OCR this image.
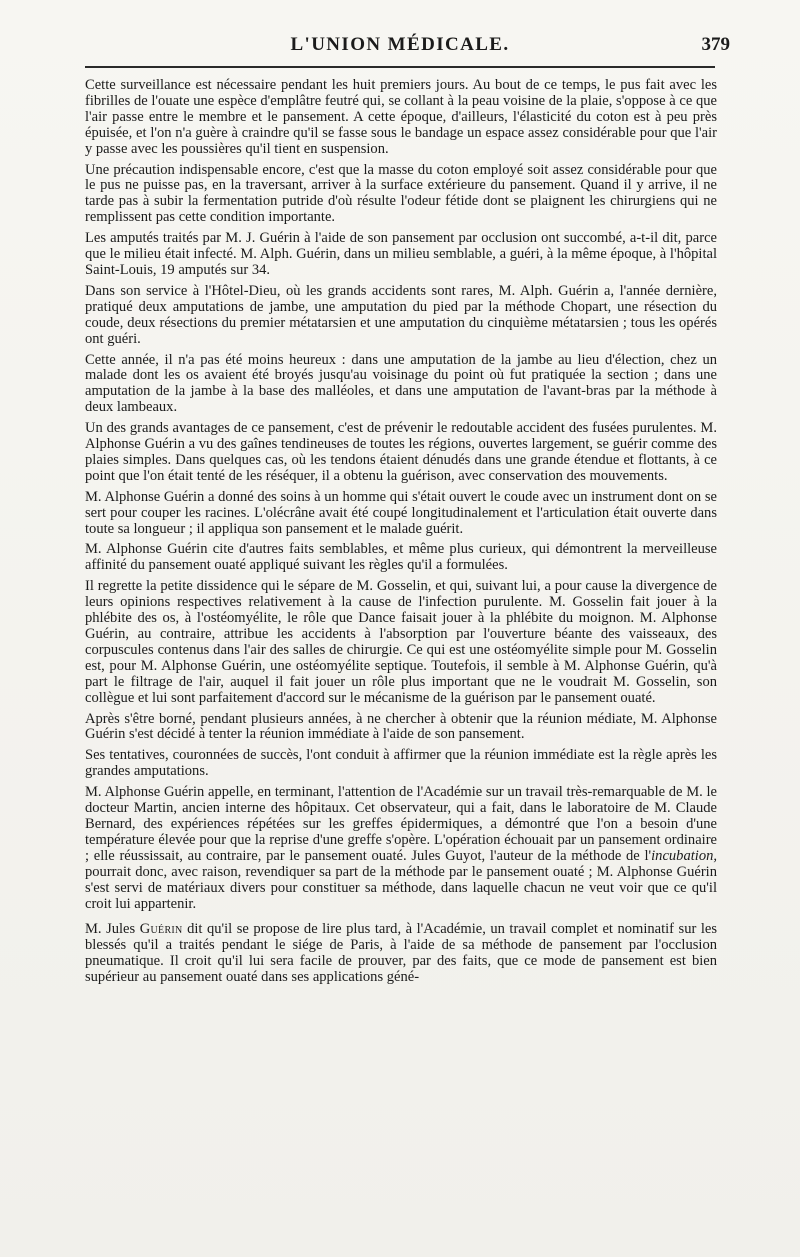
L'UNION MÉDICALE.	379

Cette surveillance est nécessaire pendant les huit premiers jours. Au bout de ce temps, le pus fait avec les fibrilles de l'ouate une espèce d'emplâtre feutré qui, se collant à la peau voisine de la plaie, s'oppose à ce que l'air passe entre le membre et le pansement. A cette époque, d'ailleurs, l'élasticité du coton est à peu près épuisée, et l'on n'a guère à craindre qu'il se fasse sous le bandage un espace assez considérable pour que l'air y passe avec les poussières qu'il tient en suspension.

Une précaution indispensable encore, c'est que la masse du coton employé soit assez considérable pour que le pus ne puisse pas, en la traversant, arriver à la surface extérieure du pansement. Quand il y arrive, il ne tarde pas à subir la fermentation putride d'où résulte l'odeur fétide dont se plaignent les chirurgiens qui ne remplissent pas cette condition importante.

Les amputés traités par M. J. Guérin à l'aide de son pansement par occlusion ont succombé, a-t-il dit, parce que le milieu était infecté. M. Alph. Guérin, dans un milieu semblable, a guéri, à la même époque, à l'hôpital Saint-Louis, 19 amputés sur 34.

Dans son service à l'Hôtel-Dieu, où les grands accidents sont rares, M. Alph. Guérin a, l'année dernière, pratiqué deux amputations de jambe, une amputation du pied par la méthode Chopart, une résection du coude, deux résections du premier métatarsien et une amputation du cinquième métatarsien ; tous les opérés ont guéri.

Cette année, il n'a pas été moins heureux : dans une amputation de la jambe au lieu d'élection, chez un malade dont les os avaient été broyés jusqu'au voisinage du point où fut pratiquée la section ; dans une amputation de la jambe à la base des malléoles, et dans une amputation de l'avant-bras par la méthode à deux lambeaux.

Un des grands avantages de ce pansement, c'est de prévenir le redoutable accident des fusées purulentes. M. Alphonse Guérin a vu des gaînes tendineuses de toutes les régions, ouvertes largement, se guérir comme des plaies simples. Dans quelques cas, où les tendons étaient dénudés dans une grande étendue et flottants, à ce point que l'on était tenté de les réséquer, il a obtenu la guérison, avec conservation des mouvements.

M. Alphonse Guérin a donné des soins à un homme qui s'était ouvert le coude avec un instrument dont on se sert pour couper les racines. L'olécrâne avait été coupé longitudinalement et l'articulation était ouverte dans toute sa longueur ; il appliqua son pansement et le malade guérit.

M. Alphonse Guérin cite d'autres faits semblables, et même plus curieux, qui démontrent la merveilleuse affinité du pansement ouaté appliqué suivant les règles qu'il a formulées.

Il regrette la petite dissidence qui le sépare de M. Gosselin, et qui, suivant lui, a pour cause la divergence de leurs opinions respectives relativement à la cause de l'infection purulente. M. Gosselin fait jouer à la phlébite des os, à l'ostéomyélite, le rôle que Dance faisait jouer à la phlébite du moignon. M. Alphonse Guérin, au contraire, attribue les accidents à l'absorption par l'ouverture béante des vaisseaux, des corpuscules contenus dans l'air des salles de chirurgie. Ce qui est une ostéomyélite simple pour M. Gosselin est, pour M. Alphonse Guérin, une ostéomyélite septique. Toutefois, il semble à M. Alphonse Guérin, qu'à part le filtrage de l'air, auquel il fait jouer un rôle plus important que ne le voudrait M. Gosselin, son collègue et lui sont parfaitement d'accord sur le mécanisme de la guérison par le pansement ouaté.

Après s'être borné, pendant plusieurs années, à ne chercher à obtenir que la réunion médiate, M. Alphonse Guérin s'est décidé à tenter la réunion immédiate à l'aide de son pansement.

Ses tentatives, couronnées de succès, l'ont conduit à affirmer que la réunion immédiate est la règle après les grandes amputations.

M. Alphonse Guérin appelle, en terminant, l'attention de l'Académie sur un travail très-remarquable de M. le docteur Martin, ancien interne des hôpitaux. Cet observateur, qui a fait, dans le laboratoire de M. Claude Bernard, des expériences répétées sur les greffes épidermiques, a démontré que l'on a besoin d'une température élevée pour que la reprise d'une greffe s'opère. L'opération échouait par un pansement ordinaire ; elle réussissait, au contraire, par le pansement ouaté. Jules Guyot, l'auteur de la méthode de l'incubation, pourrait donc, avec raison, revendiquer sa part de la méthode par le pansement ouaté ; M. Alphonse Guérin s'est servi de matériaux divers pour constituer sa méthode, dans laquelle chacun ne veut voir que ce qu'il croit lui appartenir.

M. Jules Guérin dit qu'il se propose de lire plus tard, à l'Académie, un travail complet et nominatif sur les blessés qu'il a traités pendant le siége de Paris, à l'aide de sa méthode de pansement par l'occlusion pneumatique. Il croit qu'il lui sera facile de prouver, par des faits, que ce mode de pansement est bien supérieur au pansement ouaté dans ses applications géné-
